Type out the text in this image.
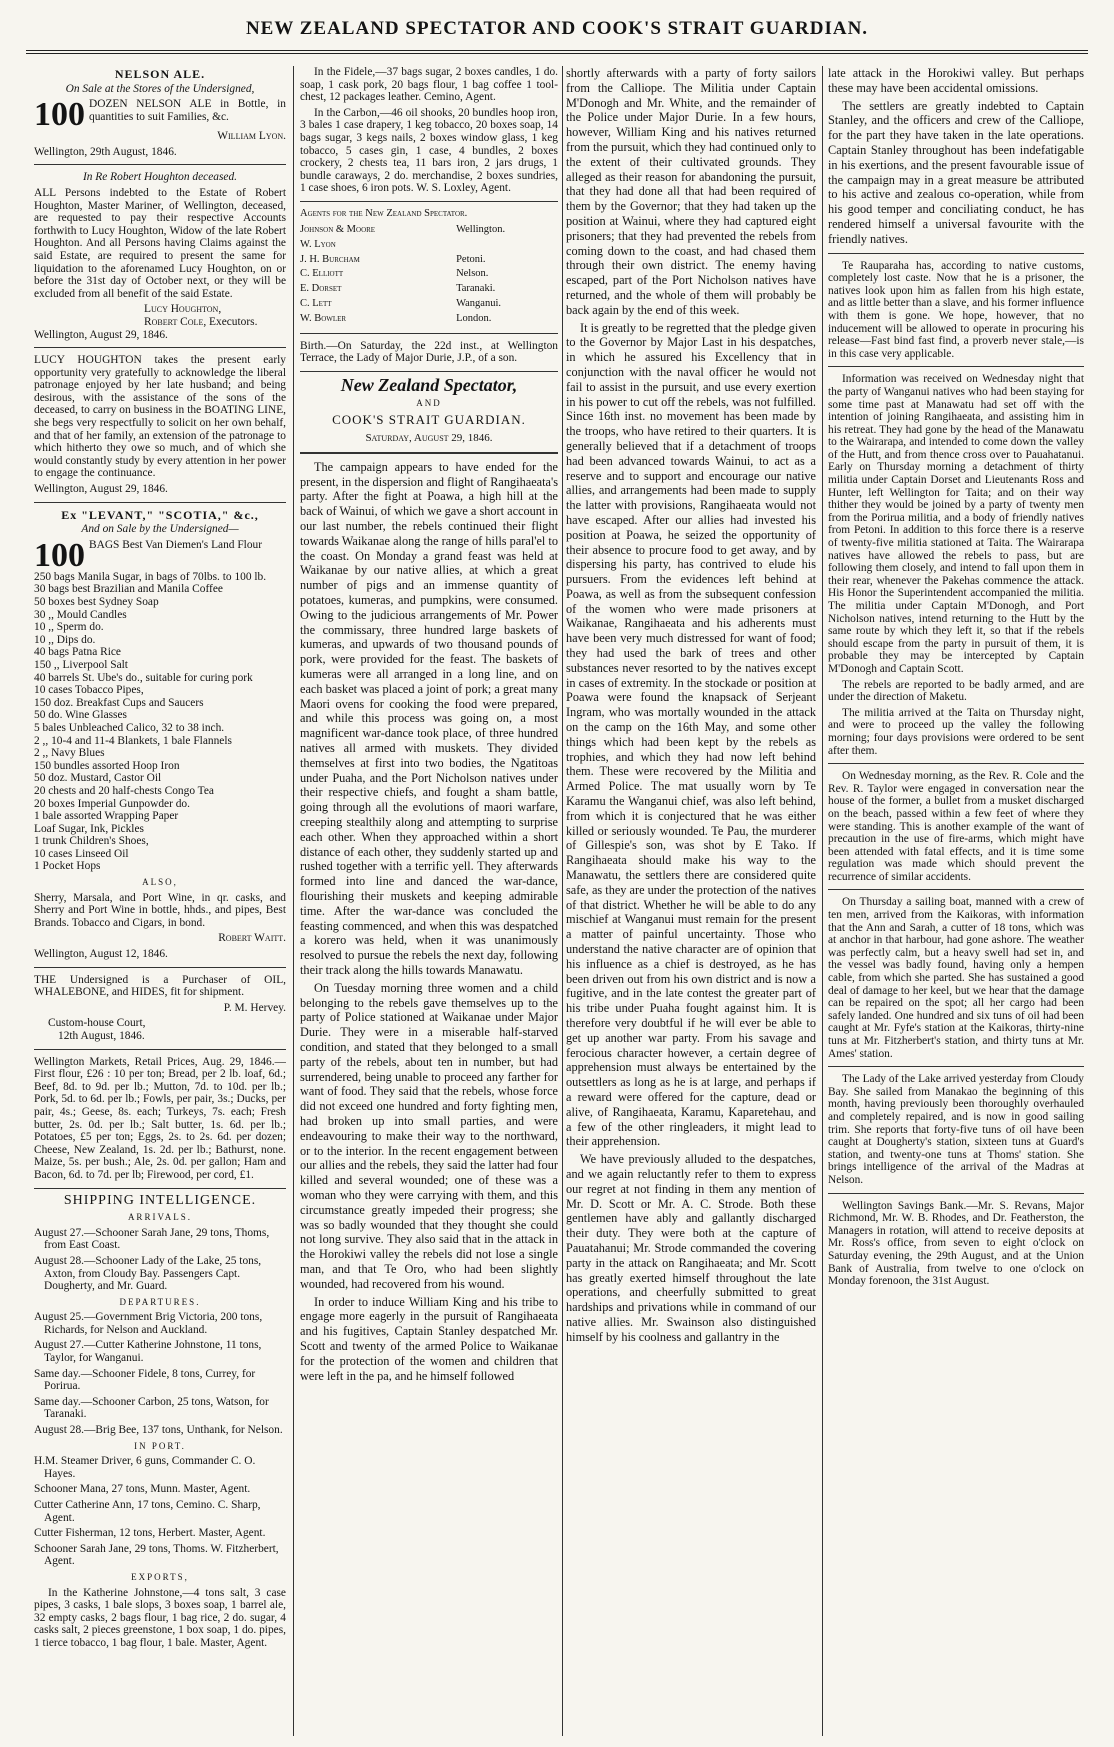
NEW ZEALAND SPECTATOR AND COOK'S STRAIT GUARDIAN.

NELSON ALE.

On Sale at the Stores of the Undersigned,

100 DOZEN NELSON ALE in Bottle, in quantities to suit Families, &c.

William Lyon.

Wellington, 29th August, 1846.

In Re Robert Houghton deceased.

ALL Persons indebted to the Estate of Robert Houghton, Master Mariner, of Wellington, deceased, are requested to pay their respective Accounts forthwith to Lucy Houghton, Widow of the late Robert Houghton. And all Persons having Claims against the said Estate, are required to present the same for liquidation to the aforenamed Lucy Houghton, on or before the 31st day of October next, or they will be excluded from all benefit of the said Estate.

Lucy Houghton,

Robert Cole, Executors.

Wellington, August 29, 1846.

LUCY HOUGHTON takes the present early opportunity very gratefully to acknowledge the liberal patronage enjoyed by her late husband; and being desirous, with the assistance of the sons of the deceased, to carry on business in the BOATING LINE, she begs very respectfully to solicit on her own behalf, and that of her family, an extension of the patronage to which hitherto they owe so much, and of which she would constantly study by every attention in her power to engage the continuance.

Wellington, August 29, 1846.

Ex "LEVANT," "SCOTIA," &c.,

And on Sale by the Undersigned—

100 BAGS Best Van Diemen's Land Flour

250 bags Manila Sugar, in bags of 70lbs. to 100 lb.

30 bags best Brazilian and Manila Coffee

50 boxes best Sydney Soap

30 ,, Mould Candles

10 ,, Sperm do.

10 ,, Dips do.

40 bags Patna Rice

150 ,, Liverpool Salt

40 barrels St. Ube's do., suitable for curing pork

10 cases Tobacco Pipes,

150 doz. Breakfast Cups and Saucers

50 do. Wine Glasses

5 bales Unbleached Calico, 32 to 38 inch.

2 ,, 10-4 and 11-4 Blankets, 1 bale Flannels

2 ,, Navy Blues

150 bundles assorted Hoop Iron

50 doz. Mustard, Castor Oil

20 chests and 20 half-chests Congo Tea

20 boxes Imperial Gunpowder do.

1 bale assorted Wrapping Paper

Loaf Sugar, Ink, Pickles

1 trunk Children's Shoes,

10 cases Linseed Oil

1 Pocket Hops

ALSO,

Sherry, Marsala, and Port Wine, in qr. casks, and Sherry and Port Wine in bottle, hhds., and pipes, Best Brands. Tobacco and Cigars, in bond.

Robert Waitt.

Wellington, August 12, 1846.

THE Undersigned is a Purchaser of OIL, WHALEBONE, and HIDES, fit for shipment.

P. M. Hervey.

Custom-house Court,

12th August, 1846.

Wellington Markets, Retail Prices, Aug. 29, 1846.—First flour, £26 : 10 per ton; Bread, per 2 lb. loaf, 6d.; Beef, 8d. to 9d. per lb.; Mutton, 7d. to 10d. per lb.; Pork, 5d. to 6d. per lb.; Fowls, per pair, 3s.; Ducks, per pair, 4s.; Geese, 8s. each; Turkeys, 7s. each; Fresh butter, 2s. 0d. per lb.; Salt butter, 1s. 6d. per lb.; Potatoes, £5 per ton; Eggs, 2s. to 2s. 6d. per dozen; Cheese, New Zealand, 1s. 2d. per lb.; Bathurst, none. Maize, 5s. per bush.; Ale, 2s. 0d. per gallon; Ham and Bacon, 6d. to 7d. per lb; Firewood, per cord, £1.

SHIPPING INTELLIGENCE.

ARRIVALS.

August 27.—Schooner Sarah Jane, 29 tons, Thoms, from East Coast.

August 28.—Schooner Lady of the Lake, 25 tons, Axton, from Cloudy Bay. Passengers Capt. Dougherty, and Mr. Guard.

DEPARTURES.

August 25.—Government Brig Victoria, 200 tons, Richards, for Nelson and Auckland.

August 27.—Cutter Katherine Johnstone, 11 tons, Taylor, for Wanganui.

Same day.—Schooner Fidele, 8 tons, Currey, for Porirua.

Same day.—Schooner Carbon, 25 tons, Watson, for Taranaki.

August 28.—Brig Bee, 137 tons, Unthank, for Nelson.

IN PORT.

H.M. Steamer Driver, 6 guns, Commander C. O. Hayes.

Schooner Mana, 27 tons, Munn. Master, Agent.

Cutter Catherine Ann, 17 tons, Cemino. C. Sharp, Agent.

Cutter Fisherman, 12 tons, Herbert. Master, Agent.

Schooner Sarah Jane, 29 tons, Thoms. W. Fitzherbert, Agent.

EXPORTS,

In the Katherine Johnstone,—4 tons salt, 3 case pipes, 3 casks, 1 bale slops, 3 boxes soap, 1 barrel ale, 32 empty casks, 2 bags flour, 1 bag rice, 2 do. sugar, 4 casks salt, 2 pieces greenstone, 1 box soap, 1 do. pipes, 1 tierce tobacco, 1 bag flour, 1 bale. Master, Agent.

In the Fidele,—37 bags sugar, 2 boxes candles, 1 do. soap, 1 cask pork, 20 bags flour, 1 bag coffee 1 tool-chest, 12 packages leather. Cemino, Agent.

In the Carbon,—46 oil shooks, 20 bundles hoop iron, 3 bales 1 case drapery, 1 keg tobacco, 20 boxes soap, 14 bags sugar, 3 kegs nails, 2 boxes window glass, 1 keg tobacco, 5 cases gin, 1 case, 4 bundles, 2 boxes crockery, 2 chests tea, 11 bars iron, 2 jars drugs, 1 bundle caraways, 2 do. merchandise, 2 boxes sundries, 1 case shoes, 6 iron pots. W. S. Loxley, Agent.

Agents for the New Zealand Spectator.

Johnson & Moore	Wellington.
W. Lyon	
J. H. Burcham	Petoni.
C. Elliott	Nelson.
E. Dorset	Taranaki.
C. Lett	Wanganui.
W. Bowler	London.

Birth.—On Saturday, the 22d inst., at Wellington Terrace, the Lady of Major Durie, J.P., of a son.

New Zealand Spectator,

AND

COOK'S STRAIT GUARDIAN.

Saturday, August 29, 1846.

The campaign appears to have ended for the present, in the dispersion and flight of Rangihaeata's party. After the fight at Poawa, a high hill at the back of Wainui, of which we gave a short account in our last number, the rebels continued their flight towards Waikanae along the range of hills paral'el to the coast. On Monday a grand feast was held at Waikanae by our native allies, at which a great number of pigs and an immense quantity of potatoes, kumeras, and pumpkins, were consumed. Owing to the judicious arrangements of Mr. Power the commissary, three hundred large baskets of kumeras, and upwards of two thousand pounds of pork, were provided for the feast. The baskets of kumeras were all arranged in a long line, and on each basket was placed a joint of pork; a great many Maori ovens for cooking the food were prepared, and while this process was going on, a most magnificent war-dance took place, of three hundred natives all armed with muskets. They divided themselves at first into two bodies, the Ngatitoas under Puaha, and the Port Nicholson natives under their respective chiefs, and fought a sham battle, going through all the evolutions of maori warfare, creeping stealthily along and attempting to surprise each other. When they approached within a short distance of each other, they suddenly started up and rushed together with a terrific yell. They afterwards formed into line and danced the war-dance, flourishing their muskets and keeping admirable time. After the war-dance was concluded the feasting commenced, and when this was despatched a korero was held, when it was unanimously resolved to pursue the rebels the next day, following their track along the hills towards Manawatu.

On Tuesday morning three women and a child belonging to the rebels gave themselves up to the party of Police stationed at Waikanae under Major Durie. They were in a miserable half-starved condition, and stated that they belonged to a small party of the rebels, about ten in number, but had surrendered, being unable to proceed any farther for want of food. They said that the rebels, whose force did not exceed one hundred and forty fighting men, had broken up into small parties, and were endeavouring to make their way to the northward, or to the interior. In the recent engagement between our allies and the rebels, they said the latter had four killed and several wounded; one of these was a woman who they were carrying with them, and this circumstance greatly impeded their progress; she was so badly wounded that they thought she could not long survive. They also said that in the attack in the Horokiwi valley the rebels did not lose a single man, and that Te Oro, who had been slightly wounded, had recovered from his wound.

In order to induce William King and his tribe to engage more eagerly in the pursuit of Rangihaeata and his fugitives, Captain Stanley despatched Mr. Scott and twenty of the armed Police to Waikanae for the protection of the women and children that were left in the pa, and he himself followed

shortly afterwards with a party of forty sailors from the Calliope. The Militia under Captain M'Donogh and Mr. White, and the remainder of the Police under Major Durie. In a few hours, however, William King and his natives returned from the pursuit, which they had continued only to the extent of their cultivated grounds. They alleged as their reason for abandoning the pursuit, that they had done all that had been required of them by the Governor; that they had taken up the position at Wainui, where they had captured eight prisoners; that they had prevented the rebels from coming down to the coast, and had chased them through their own district. The enemy having escaped, part of the Port Nicholson natives have returned, and the whole of them will probably be back again by the end of this week.

It is greatly to be regretted that the pledge given to the Governor by Major Last in his despatches, in which he assured his Excellency that in conjunction with the naval officer he would not fail to assist in the pursuit, and use every exertion in his power to cut off the rebels, was not fulfilled. Since 16th inst. no movement has been made by the troops, who have retired to their quarters. It is generally believed that if a detachment of troops had been advanced towards Wainui, to act as a reserve and to support and encourage our native allies, and arrangements had been made to supply the latter with provisions, Rangihaeata would not have escaped. After our allies had invested his position at Poawa, he seized the opportunity of their absence to procure food to get away, and by dispersing his party, has contrived to elude his pursuers. From the evidences left behind at Poawa, as well as from the subsequent confession of the women who were made prisoners at Waikanae, Rangihaeata and his adherents must have been very much distressed for want of food; they had used the bark of trees and other substances never resorted to by the natives except in cases of extremity. In the stockade or position at Poawa were found the knapsack of Serjeant Ingram, who was mortally wounded in the attack on the camp on the 16th May, and some other things which had been kept by the rebels as trophies, and which they had now left behind them. These were recovered by the Militia and Armed Police. The mat usually worn by Te Karamu the Wanganui chief, was also left behind, from which it is conjectured that he was either killed or seriously wounded. Te Pau, the murderer of Gillespie's son, was shot by E Tako. If Rangihaeata should make his way to the Manawatu, the settlers there are considered quite safe, as they are under the protection of the natives of that district. Whether he will be able to do any mischief at Wanganui must remain for the present a matter of painful uncertainty. Those who understand the native character are of opinion that his influence as a chief is destroyed, as he has been driven out from his own district and is now a fugitive, and in the late contest the greater part of his tribe under Puaha fought against him. It is therefore very doubtful if he will ever be able to get up another war party. From his savage and ferocious character however, a certain degree of apprehension must always be entertained by the outsettlers as long as he is at large, and perhaps if a reward were offered for the capture, dead or alive, of Rangihaeata, Karamu, Kaparetehau, and a few of the other ringleaders, it might lead to their apprehension.

We have previously alluded to the despatches, and we again reluctantly refer to them to express our regret at not finding in them any mention of Mr. D. Scott or Mr. A. C. Strode. Both these gentlemen have ably and gallantly discharged their duty. They were both at the capture of Pauatahanui; Mr. Strode commanded the covering party in the attack on Rangihaeata; and Mr. Scott has greatly exerted himself throughout the late operations, and cheerfully submitted to great hardships and privations while in command of our native allies. Mr. Swainson also distinguished himself by his coolness and gallantry in the

late attack in the Horokiwi valley. But perhaps these may have been accidental omissions.

The settlers are greatly indebted to Captain Stanley, and the officers and crew of the Calliope, for the part they have taken in the late operations. Captain Stanley throughout has been indefatigable in his exertions, and the present favourable issue of the campaign may in a great measure be attributed to his active and zealous co-operation, while from his good temper and conciliating conduct, he has rendered himself a universal favourite with the friendly natives.

Te Rauparaha has, according to native customs, completely lost caste. Now that he is a prisoner, the natives look upon him as fallen from his high estate, and as little better than a slave, and his former influence with them is gone. We hope, however, that no inducement will be allowed to operate in procuring his release—Fast bind fast find, a proverb never stale,—is in this case very applicable.

Information was received on Wednesday night that the party of Wanganui natives who had been staying for some time past at Manawatu had set off with the intention of joining Rangihaeata, and assisting him in his retreat. They had gone by the head of the Manawatu to the Wairarapa, and intended to come down the valley of the Hutt, and from thence cross over to Pauahatanui. Early on Thursday morning a detachment of thirty militia under Captain Dorset and Lieutenants Ross and Hunter, left Wellington for Taita; and on their way thither they would be joined by a party of twenty men from the Porirua militia, and a body of friendly natives from Petoni. In addition to this force there is a reserve of twenty-five militia stationed at Taita. The Wairarapa natives have allowed the rebels to pass, but are following them closely, and intend to fall upon them in their rear, whenever the Pakehas commence the attack. His Honor the Superintendent accompanied the militia. The militia under Captain M'Donogh, and Port Nicholson natives, intend returning to the Hutt by the same route by which they left it, so that if the rebels should escape from the party in pursuit of them, it is probable they may be intercepted by Captain M'Donogh and Captain Scott.

The rebels are reported to be badly armed, and are under the direction of Maketu.

The militia arrived at the Taita on Thursday night, and were to proceed up the valley the following morning; four days provisions were ordered to be sent after them.

On Wednesday morning, as the Rev. R. Cole and the Rev. R. Taylor were engaged in conversation near the house of the former, a bullet from a musket discharged on the beach, passed within a few feet of where they were standing. This is another example of the want of precaution in the use of fire-arms, which might have been attended with fatal effects, and it is time some regulation was made which should prevent the recurrence of similar accidents.

On Thursday a sailing boat, manned with a crew of ten men, arrived from the Kaikoras, with information that the Ann and Sarah, a cutter of 18 tons, which was at anchor in that harbour, had gone ashore. The weather was perfectly calm, but a heavy swell had set in, and the vessel was badly found, having only a hempen cable, from which she parted. She has sustained a good deal of damage to her keel, but we hear that the damage can be repaired on the spot; all her cargo had been safely landed. One hundred and six tuns of oil had been caught at Mr. Fyfe's station at the Kaikoras, thirty-nine tuns at Mr. Fitzherbert's station, and thirty tuns at Mr. Ames' station.

The Lady of the Lake arrived yesterday from Cloudy Bay. She sailed from Manakao the beginning of this month, having previously been thoroughly overhauled and completely repaired, and is now in good sailing trim. She reports that forty-five tuns of oil have been caught at Dougherty's station, sixteen tuns at Guard's station, and twenty-one tuns at Thoms' station. She brings intelligence of the arrival of the Madras at Nelson.

Wellington Savings Bank.—Mr. S. Revans, Major Richmond, Mr. W. B. Rhodes, and Dr. Featherston, the Managers in rotation, will attend to receive deposits at Mr. Ross's office, from seven to eight o'clock on Saturday evening, the 29th August, and at the Union Bank of Australia, from twelve to one o'clock on Monday forenoon, the 31st August.
